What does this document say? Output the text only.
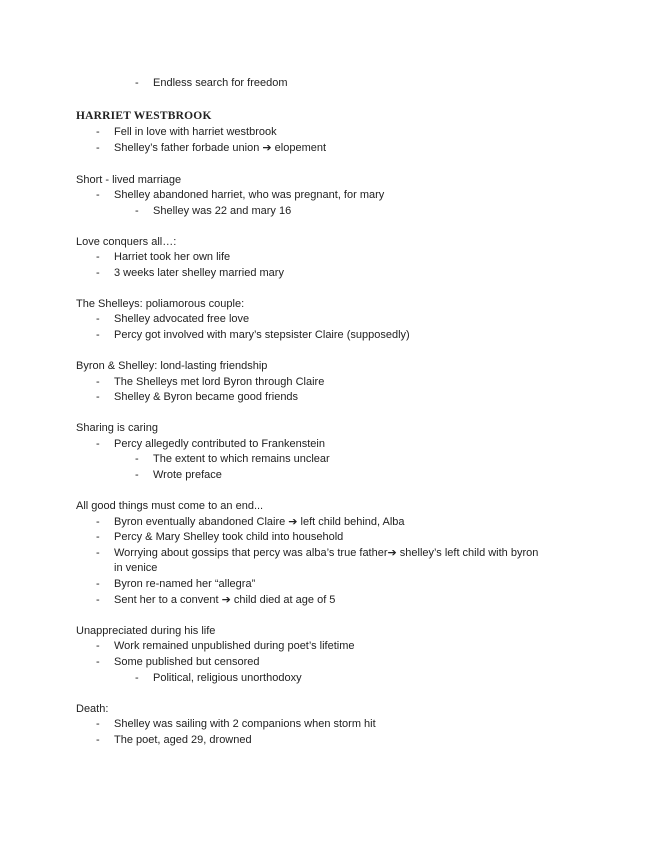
- Endless search for freedom
HARRIET WESTBROOK
- Fell in love with harriet westbrook
- Shelley’s father forbade union ➔ elopement
Short - lived marriage
- Shelley abandoned harriet, who was pregnant, for mary
- Shelley was 22 and mary 16
Love conquers all…:
- Harriet took her own life
- 3 weeks later shelley married mary
The Shelleys: poliamorous couple:
- Shelley advocated free love
- Percy got involved with mary’s stepsister Claire (supposedly)
Byron & Shelley: lond-lasting friendship
- The Shelleys met lord Byron through Claire
- Shelley & Byron became good friends
Sharing is caring
- Percy allegedly contributed to Frankenstein
- The extent to which remains unclear
- Wrote preface
All good things must come to an end...
- Byron eventually abandoned Claire ➔ left child behind, Alba
- Percy & Mary Shelley took child into household
- Worrying about gossips that percy was alba’s true father➔ shelley’s left child with byron
in venice
- Byron re-named her “allegra”
- Sent her to a convent ➔ child died at age of 5
Unappreciated during his life
- Work remained unpublished during poet’s lifetime
- Some published but censored
- Political, religious unorthodoxy
Death:
- Shelley was sailing with 2 companions when storm hit
- The poet, aged 29, drowned
